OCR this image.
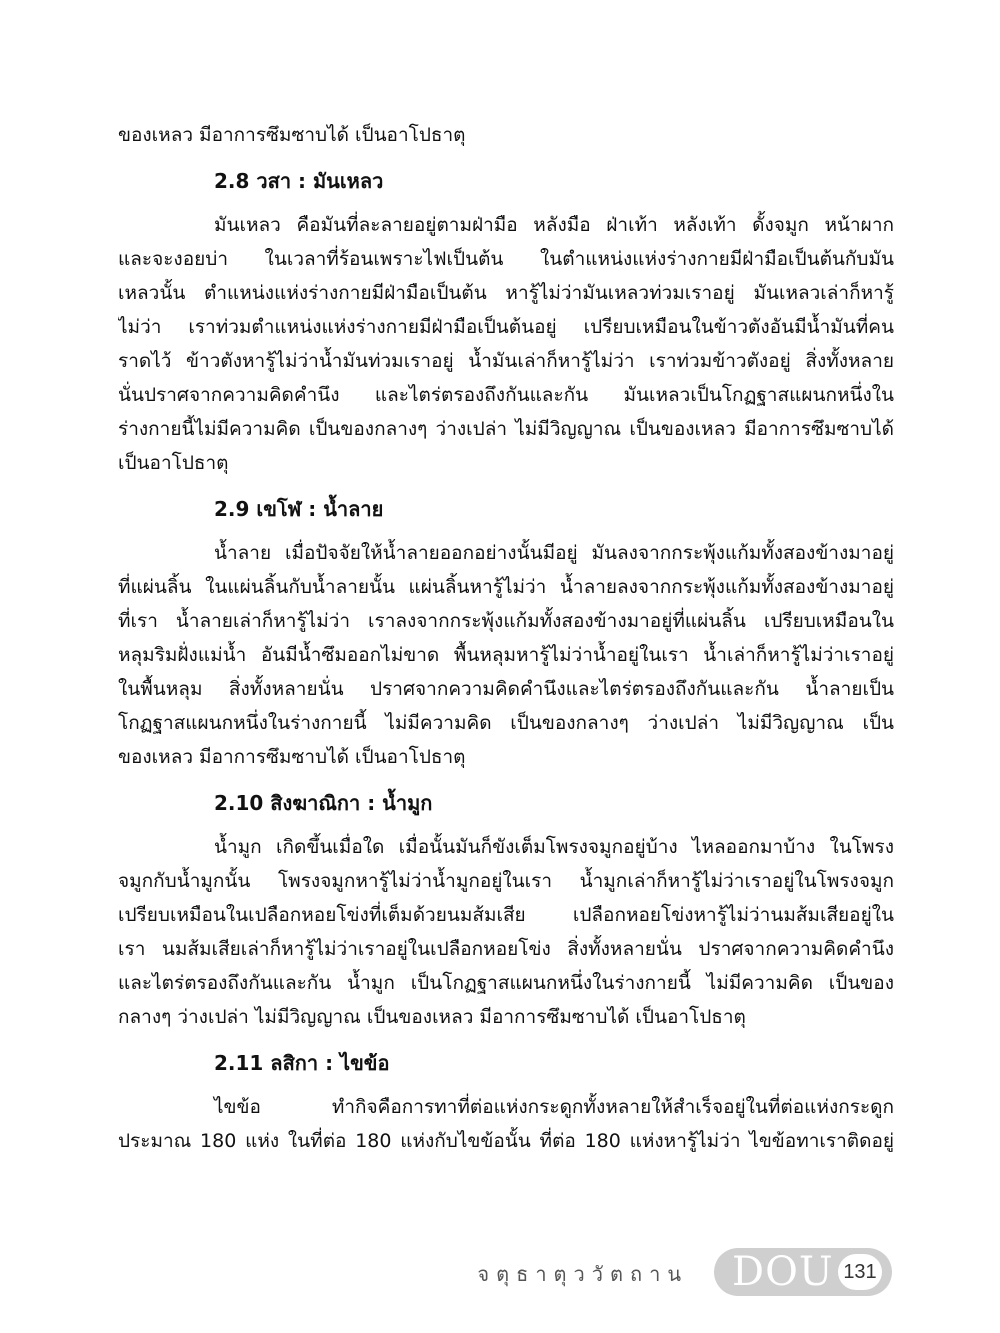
ของเหลว มีอาการซึมซาบได้ เป็นอาโปธาตุ
2.8 วสา : มันเหลว
มันเหลว คือมันที่ละลายอยู่ตามฝ่ามือ หลังมือ ฝ่าเท้า หลังเท้า ดั้งจมูก หน้าผาก
และจะงอยบ่า ในเวลาที่ร้อนเพราะไฟเป็นต้น ในตำแหน่งแห่งร่างกายมีฝ่ามือเป็นต้นกับมัน
เหลวนั้น ตำแหน่งแห่งร่างกายมีฝ่ามือเป็นต้น หารู้ไม่ว่ามันเหลวท่วมเราอยู่ มันเหลวเล่าก็หารู้
ไม่ว่า เราท่วมตำแหน่งแห่งร่างกายมีฝ่ามือเป็นต้นอยู่ เปรียบเหมือนในข้าวตังอันมีน้ำมันที่คน
ราดไว้ ข้าวตังหารู้ไม่ว่าน้ำมันท่วมเราอยู่ น้ำมันเล่าก็หารู้ไม่ว่า เราท่วมข้าวตังอยู่ สิ่งทั้งหลาย
นั่นปราศจากความคิดคำนึง และไตร่ตรองถึงกันและกัน มันเหลวเป็นโกฏฐาสแผนกหนึ่งใน
ร่างกายนี้ไม่มีความคิด เป็นของกลางๆ ว่างเปล่า ไม่มีวิญญาณ เป็นของเหลว มีอาการซึมซาบได้
เป็นอาโปธาตุ
2.9 เขโฬ : น้ำลาย
น้ำลาย เมื่อปัจจัยให้น้ำลายออกอย่างนั้นมีอยู่ มันลงจากกระพุ้งแก้มทั้งสองข้างมาอยู่
ที่แผ่นลิ้น ในแผ่นลิ้นกับน้ำลายนั้น แผ่นลิ้นหารู้ไม่ว่า น้ำลายลงจากกระพุ้งแก้มทั้งสองข้างมาอยู่
ที่เรา น้ำลายเล่าก็หารู้ไม่ว่า เราลงจากกระพุ้งแก้มทั้งสองข้างมาอยู่ที่แผ่นลิ้น เปรียบเหมือนใน
หลุมริมฝั่งแม่น้ำ อันมีน้ำซึมออกไม่ขาด พื้นหลุมหารู้ไม่ว่าน้ำอยู่ในเรา น้ำเล่าก็หารู้ไม่ว่าเราอยู่
ในพื้นหลุม สิ่งทั้งหลายนั่น ปราศจากความคิดคำนึงและไตร่ตรองถึงกันและกัน น้ำลายเป็น
โกฏฐาสแผนกหนึ่งในร่างกายนี้ ไม่มีความคิด เป็นของกลางๆ ว่างเปล่า ไม่มีวิญญาณ เป็น
ของเหลว มีอาการซึมซาบได้ เป็นอาโปธาตุ
2.10 สิงฆาณิกา : น้ำมูก
น้ำมูก เกิดขึ้นเมื่อใด เมื่อนั้นมันก็ขังเต็มโพรงจมูกอยู่บ้าง ไหลออกมาบ้าง ในโพรง
จมูกกับน้ำมูกนั้น โพรงจมูกหารู้ไม่ว่าน้ำมูกอยู่ในเรา น้ำมูกเล่าก็หารู้ไม่ว่าเราอยู่ในโพรงจมูก
เปรียบเหมือนในเปลือกหอยโข่งที่เต็มด้วยนมส้มเสีย เปลือกหอยโข่งหารู้ไม่ว่านมส้มเสียอยู่ใน
เรา นมส้มเสียเล่าก็หารู้ไม่ว่าเราอยู่ในเปลือกหอยโข่ง สิ่งทั้งหลายนั่น ปราศจากความคิดคำนึง
และไตร่ตรองถึงกันและกัน น้ำมูก เป็นโกฏฐาสแผนกหนึ่งในร่างกายนี้ ไม่มีความคิด เป็นของ
กลางๆ ว่างเปล่า ไม่มีวิญญาณ เป็นของเหลว มีอาการซึมซาบได้ เป็นอาโปธาตุ
2.11 ลสิกา : ไขข้อ
ไขข้อ ทำกิจคือการทาที่ต่อแห่งกระดูกทั้งหลายให้สำเร็จอยู่ในที่ต่อแห่งกระดูก
ประมาณ 180 แห่ง ในที่ต่อ 180 แห่งกับไขข้อนั้น ที่ต่อ 180 แห่งหารู้ไม่ว่า ไขข้อทาเราติดอยู่
จตุธาตุววัตถาน DOU 131
